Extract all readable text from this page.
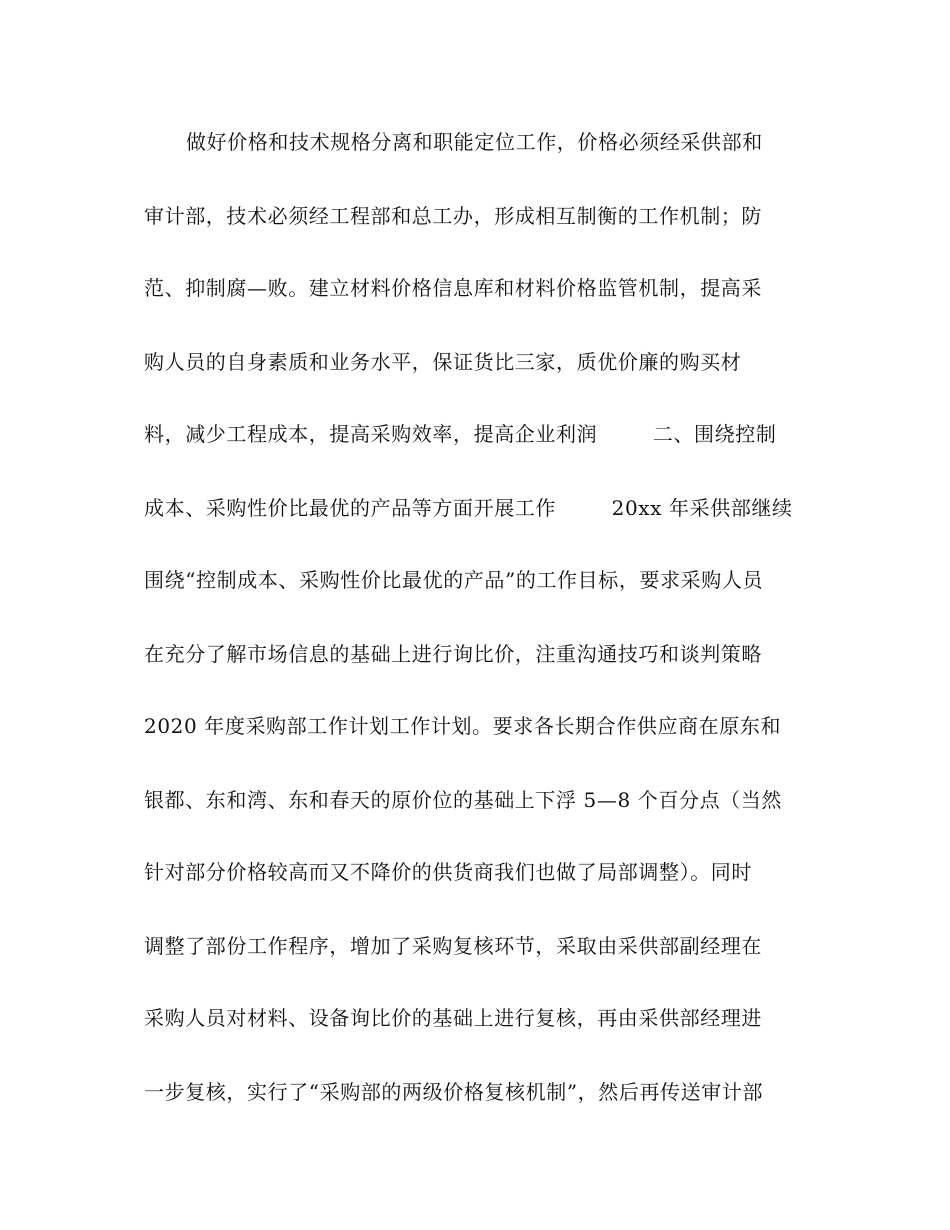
做好价格和技术规格分离和职能定位工作，价格必须经采供部和
审计部，技术必须经工程部和总工办，形成相互制衡的工作机制；防
范、抑制腐—败。建立材料价格信息库和材料价格监管机制，提高采
购人员的自身素质和业务水平，保证货比三家，质优价廉的购买材
料，减少工程成本，提高采购效率，提高企业利润        二、围绕控制
成本、采购性价比最优的产品等方面开展工作        20xx 年采供部继续
围绕“控制成本、采购性价比最优的产品”的工作目标，要求采购人员
在充分了解市场信息的基础上进行询比价，注重沟通技巧和谈判策略
2020 年度采购部工作计划工作计划。要求各长期合作供应商在原东和
银都、东和湾、东和春天的原价位的基础上下浮 5—8 个百分点（当然
针对部分价格较高而又不降价的供货商我们也做了局部调整）。同时
调整了部份工作程序，增加了采购复核环节，采取由采供部副经理在
采购人员对材料、设备询比价的基础上进行复核，再由采供部经理进
一步复核，实行了“采购部的两级价格复核机制”，然后再传送审计部
